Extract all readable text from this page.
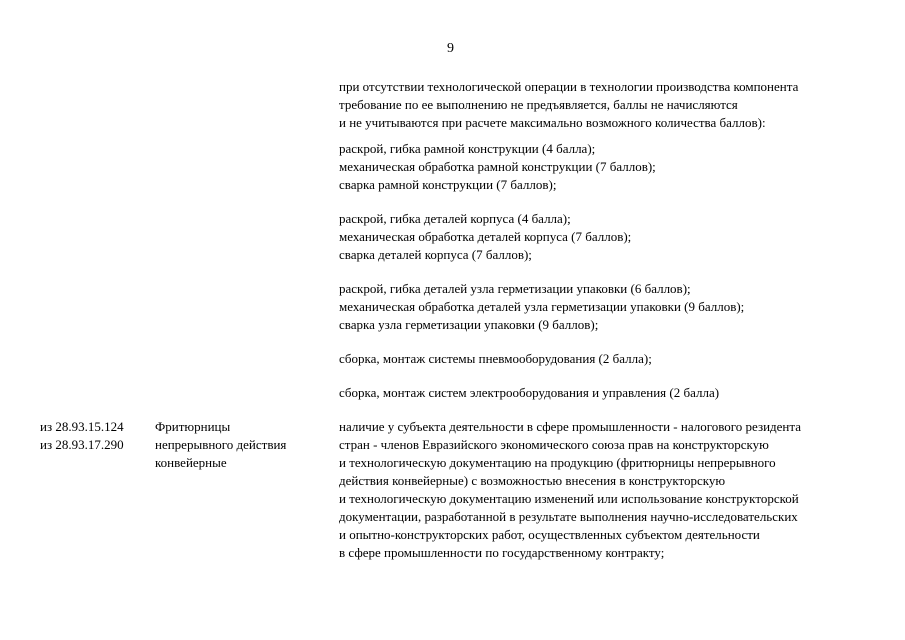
9
при отсутствии технологической операции в технологии производства компонента
требование по ее выполнению не предъявляется, баллы не начисляются
и не учитываются при расчете максимально возможного количества баллов):
раскрой, гибка рамной конструкции (4 балла);
механическая обработка рамной конструкции (7 баллов);
сварка рамной конструкции (7 баллов);
раскрой, гибка деталей корпуса (4 балла);
механическая обработка деталей корпуса (7 баллов);
сварка деталей корпуса (7 баллов);
раскрой, гибка деталей узла герметизации упаковки (6 баллов);
механическая обработка деталей узла герметизации упаковки (9 баллов);
сварка узла герметизации упаковки (9 баллов);
сборка, монтаж системы пневмооборудования (2 балла);
сборка, монтаж систем электрооборудования и управления (2 балла)
из 28.93.15.124
из 28.93.17.290
Фритюрницы
непрерывного действия
конвейерные
наличие у субъекта деятельности в сфере промышленности - налогового резидента
стран - членов Евразийского экономического союза прав на конструкторскую
и технологическую документацию на продукцию (фритюрницы непрерывного
действия конвейерные) с возможностью внесения в конструкторскую
и технологическую документацию изменений или использование конструкторской
документации, разработанной в результате выполнения научно-исследовательских
и опытно-конструкторских работ, осуществленных субъектом деятельности
в сфере промышленности по государственному контракту;
